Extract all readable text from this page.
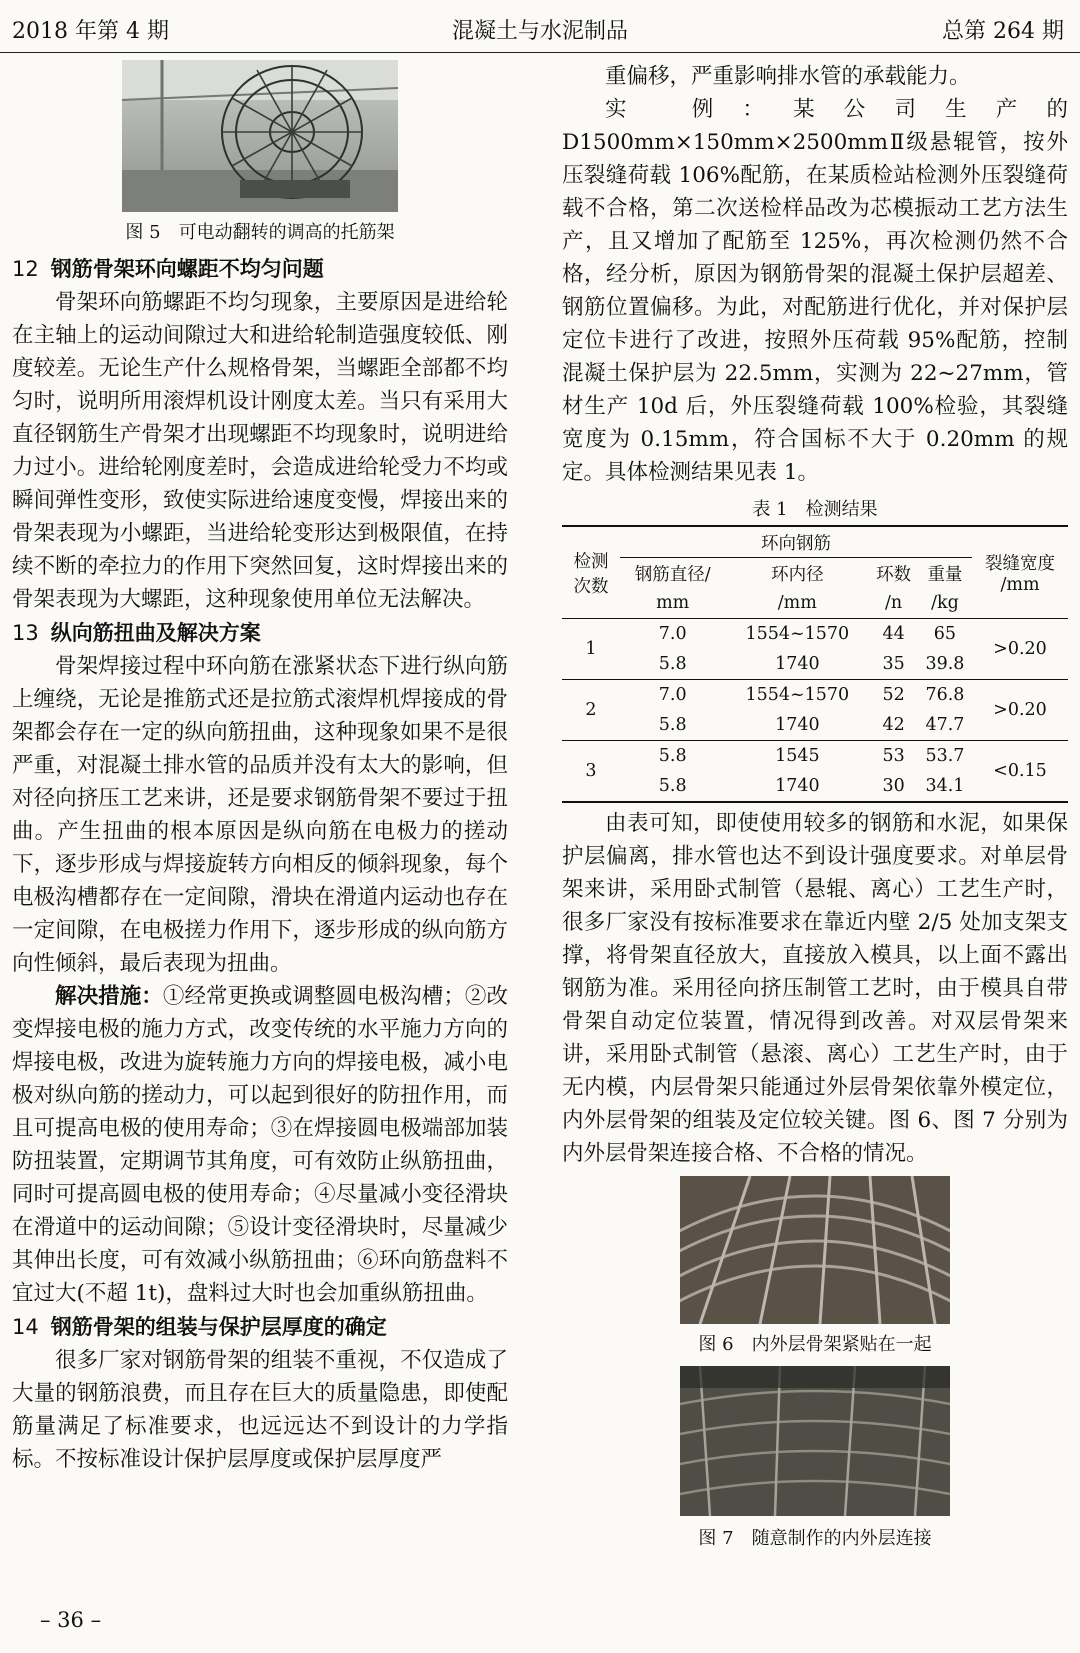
2018 年第 4 期	混凝土与水泥制品	总第 264 期
图 5　可电动翻转的调高的托筋架
12 钢筋骨架环向螺距不均匀问题

骨架环向筋螺距不均匀现象，主要原因是进给轮在主轴上的运动间隙过大和进给轮制造强度较低、刚度较差。无论生产什么规格骨架，当螺距全部都不均匀时，说明所用滚焊机设计刚度太差。当只有采用大直径钢筋生产骨架才出现螺距不均现象时，说明进给力过小。进给轮刚度差时，会造成进给轮受力不均或瞬间弹性变形，致使实际进给速度变慢，焊接出来的骨架表现为小螺距，当进给轮变形达到极限值，在持续不断的牵拉力的作用下突然回复，这时焊接出来的骨架表现为大螺距，这种现象使用单位无法解决。

13 纵向筋扭曲及解决方案

骨架焊接过程中环向筋在涨紧状态下进行纵向筋上缠绕，无论是推筋式还是拉筋式滚焊机焊接成的骨架都会存在一定的纵向筋扭曲，这种现象如果不是很严重，对混凝土排水管的品质并没有太大的影响，但对径向挤压工艺来讲，还是要求钢筋骨架不要过于扭曲。产生扭曲的根本原因是纵向筋在电极力的搓动下，逐步形成与焊接旋转方向相反的倾斜现象，每个电极沟槽都存在一定间隙，滑块在滑道内运动也存在一定间隙，在电极搓力作用下，逐步形成的纵向筋方向性倾斜，最后表现为扭曲。

解决措施：①经常更换或调整圆电极沟槽；②改变焊接电极的施力方式，改变传统的水平施力方向的焊接电极，改进为旋转施力方向的焊接电极，减小电极对纵向筋的搓动力，可以起到很好的防扭作用，而且可提高电极的使用寿命；③在焊接圆电极端部加装防扭装置，定期调节其角度，可有效防止纵筋扭曲，同时可提高圆电极的使用寿命；④尽量减小变径滑块在滑道中的运动间隙；⑤设计变径滑块时，尽量减少其伸出长度，可有效减小纵筋扭曲；⑥环向筋盘料不宜过大(不超 1t)，盘料过大时也会加重纵筋扭曲。

14 钢筋骨架的组装与保护层厚度的确定

很多厂家对钢筋骨架的组装不重视，不仅造成了大量的钢筋浪费，而且存在巨大的质量隐患，即使配筋量满足了标准要求，也远远达不到设计的力学指标。不按标准设计保护层厚度或保护层厚度严

重偏移，严重影响排水管的承载能力。

实 例：某公司生产的 D1500mm×150mm×2500mmⅡ级悬辊管，按外压裂缝荷载 106%配筋，在某质检站检测外压裂缝荷载不合格，第二次送检样品改为芯模振动工艺方法生产，且又增加了配筋至 125%，再次检测仍然不合格，经分析，原因为钢筋骨架的混凝土保护层超差、钢筋位置偏移。为此，对配筋进行优化，并对保护层定位卡进行了改进，按照外压荷载 95%配筋，控制混凝土保护层为 22.5mm，实测为 22~27mm，管材生产 10d 后，外压裂缝荷载 100%检验，其裂缝宽度为 0.15mm，符合国标不大于 0.20mm 的规定。具体检测结果见表 1。

表 1　检测结果
检测
次数	环向钢筋				裂缝宽度
/mm
	钢筋直径/	环内径	环数	重量	
	mm	/mm	/n	/kg	
1	7.0	1554~1570	44	65	>0.20
	5.8	1740	35	39.8	
2	7.0	1554~1570	52	76.8	>0.20
	5.8	1740	42	47.7	
3	5.8	1545	53	53.7	<0.15
	5.8	1740	30	34.1	

由表可知，即使使用较多的钢筋和水泥，如果保护层偏离，排水管也达不到设计强度要求。对单层骨架来讲，采用卧式制管（悬辊、离心）工艺生产时，很多厂家没有按标准要求在靠近内壁 2/5 处加支架支撑，将骨架直径放大，直接放入模具，以上面不露出钢筋为准。采用径向挤压制管工艺时，由于模具自带骨架自动定位装置，情况得到改善。对双层骨架来讲，采用卧式制管（悬滚、离心）工艺生产时，由于无内模，内层骨架只能通过外层骨架依靠外模定位，内外层骨架的组装及定位较关键。图 6、图 7 分别为内外层骨架连接合格、不合格的情况。

图 6　内外层骨架紧贴在一起
图 7　随意制作的内外层连接
– 36 –
